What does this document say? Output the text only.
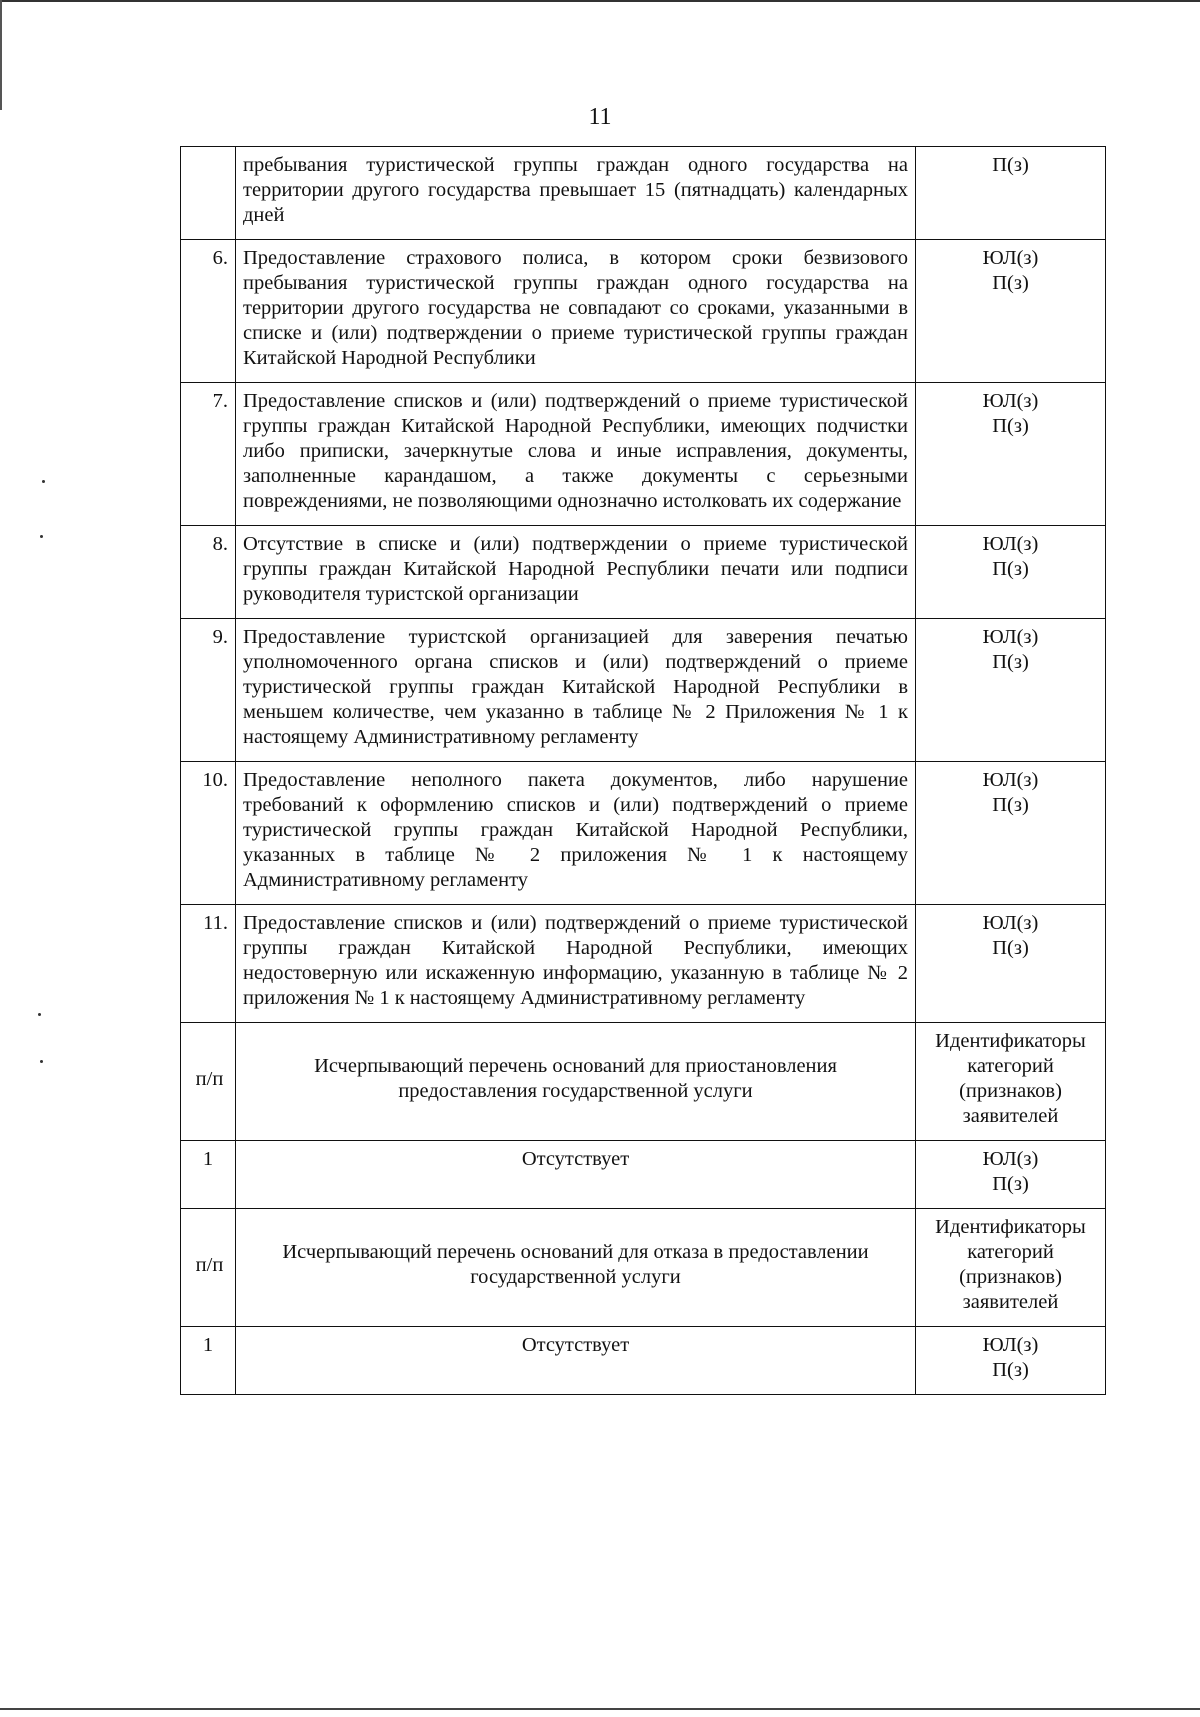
11
	пребывания туристической группы граждан одного государства на территории другого государства превышает 15 (пятнадцать) календарных дней	П(з)

6.	Предоставление страхового полиса, в котором сроки безвизового пребывания туристической группы граждан одного государства на территории другого государства не совпадают со сроками, указанными в списке и (или) подтверждении о приеме туристической группы граждан Китайской Народной Республики	ЮЛ(з)
П(з)

7.	Предоставление списков и (или) подтверждений о приеме туристической группы граждан Китайской Народной Республики, имеющих подчистки либо приписки, зачеркнутые слова и иные исправления, документы, заполненные карандашом, а также документы с серьезными повреждениями, не позволяющими однозначно истолковать их содержание	ЮЛ(з)
П(з)

8.	Отсутствие в списке и (или) подтверждении о приеме туристической группы граждан Китайской Народной Республики печати или подписи руководителя туристской организации	ЮЛ(з)
П(з)

9.	Предоставление туристской организацией для заверения печатью уполномоченного органа списков и (или) подтверждений о приеме туристической группы граждан Китайской Народной Республики в меньшем количестве, чем указанно в таблице № 2 Приложения № 1 к настоящему Административному регламенту	ЮЛ(з)
П(з)

10.	Предоставление неполного пакета документов, либо нарушение требований к оформлению списков и (или) подтверждений о приеме туристической группы граждан Китайской Народной Республики, указанных в таблице № 2 приложения № 1 к настоящему Административному регламенту	ЮЛ(з)
П(з)

11.	Предоставление списков и (или) подтверждений о приеме туристической группы граждан Китайской Народной Республики, имеющих недостоверную или искаженную информацию, указанную в таблице № 2 приложения № 1 к настоящему Административному регламенту	ЮЛ(з)
П(з)

п/п	Исчерпывающий перечень оснований для приостановления предоставления государственной услуги	Идентификаторы категорий (признаков) заявителей
1	Отсутствует	ЮЛ(з)
П(з)

п/п	Исчерпывающий перечень оснований для отказа в предоставлении государственной услуги	Идентификаторы категорий (признаков) заявителей
1	Отсутствует	ЮЛ(з)
П(з)
